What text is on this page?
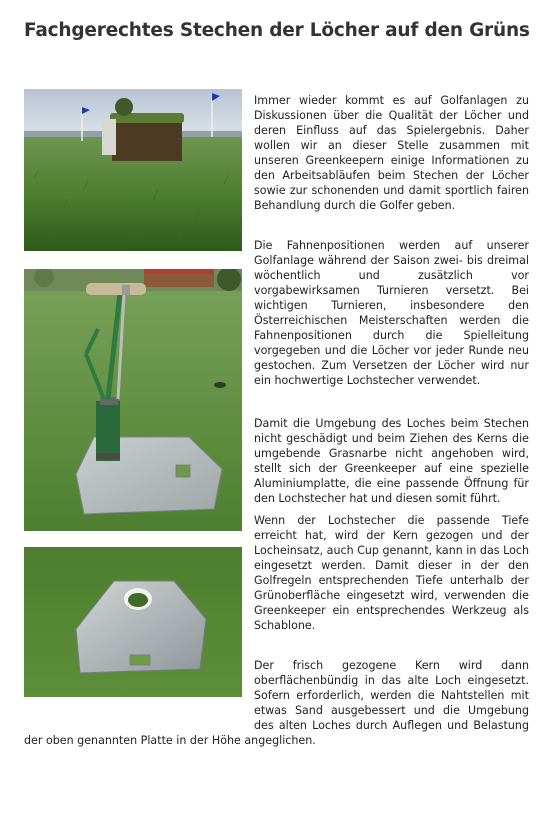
Fachgerechtes Stechen der Löcher auf den Grüns

Immer wieder kommt es auf Golfanlagen zu Diskussionen über die Qualität der Löcher und deren Einfluss auf das Spielergebnis. Daher wollen wir an dieser Stelle zusammen mit unseren Greenkeepern einige Informationen zu den Arbeitsabläufen beim Stechen der Löcher sowie zur schonenden und damit sportlich fairen Behandlung durch die Golfer geben.

Die Fahnenpositionen werden auf unserer Golfanlage während der Saison zwei- bis dreimal wöchentlich und zusätzlich vor vorgabewirksamen Turnieren versetzt. Bei wichtigen Turnieren, insbesondere den Österreichischen Meisterschaften werden die Fahnenpositionen durch die Spielleitung vorgegeben und die Löcher vor jeder Runde neu gestochen. Zum Versetzen der Löcher wird nur ein hochwertige Lochstecher verwendet.

Damit die Umgebung des Loches beim Stechen nicht geschädigt und beim Ziehen des Kerns die umgebende Grasnarbe nicht angehoben wird, stellt sich der Greenkeeper auf eine spezielle Aluminiumplatte, die eine passende Öffnung für den Lochstecher hat und diesen somit führt.

Wenn der Lochstecher die passende Tiefe erreicht hat, wird der Kern gezogen und der Locheinsatz, auch Cup genannt, kann in das Loch eingesetzt werden. Damit dieser in der den Golfregeln entsprechenden Tiefe unterhalb der Grünoberfläche eingesetzt wird, verwenden die Greenkeeper ein entsprechendes Werkzeug als Schablone.

Der frisch gezogene Kern wird dann oberflächenbündig in das alte Loch eingesetzt. Sofern erforderlich, werden die Nahtstellen mit etwas Sand ausgebessert und die Umgebung des alten Loches durch Auflegen und Belastung der oben genannten Platte in der Höhe angeglichen.
